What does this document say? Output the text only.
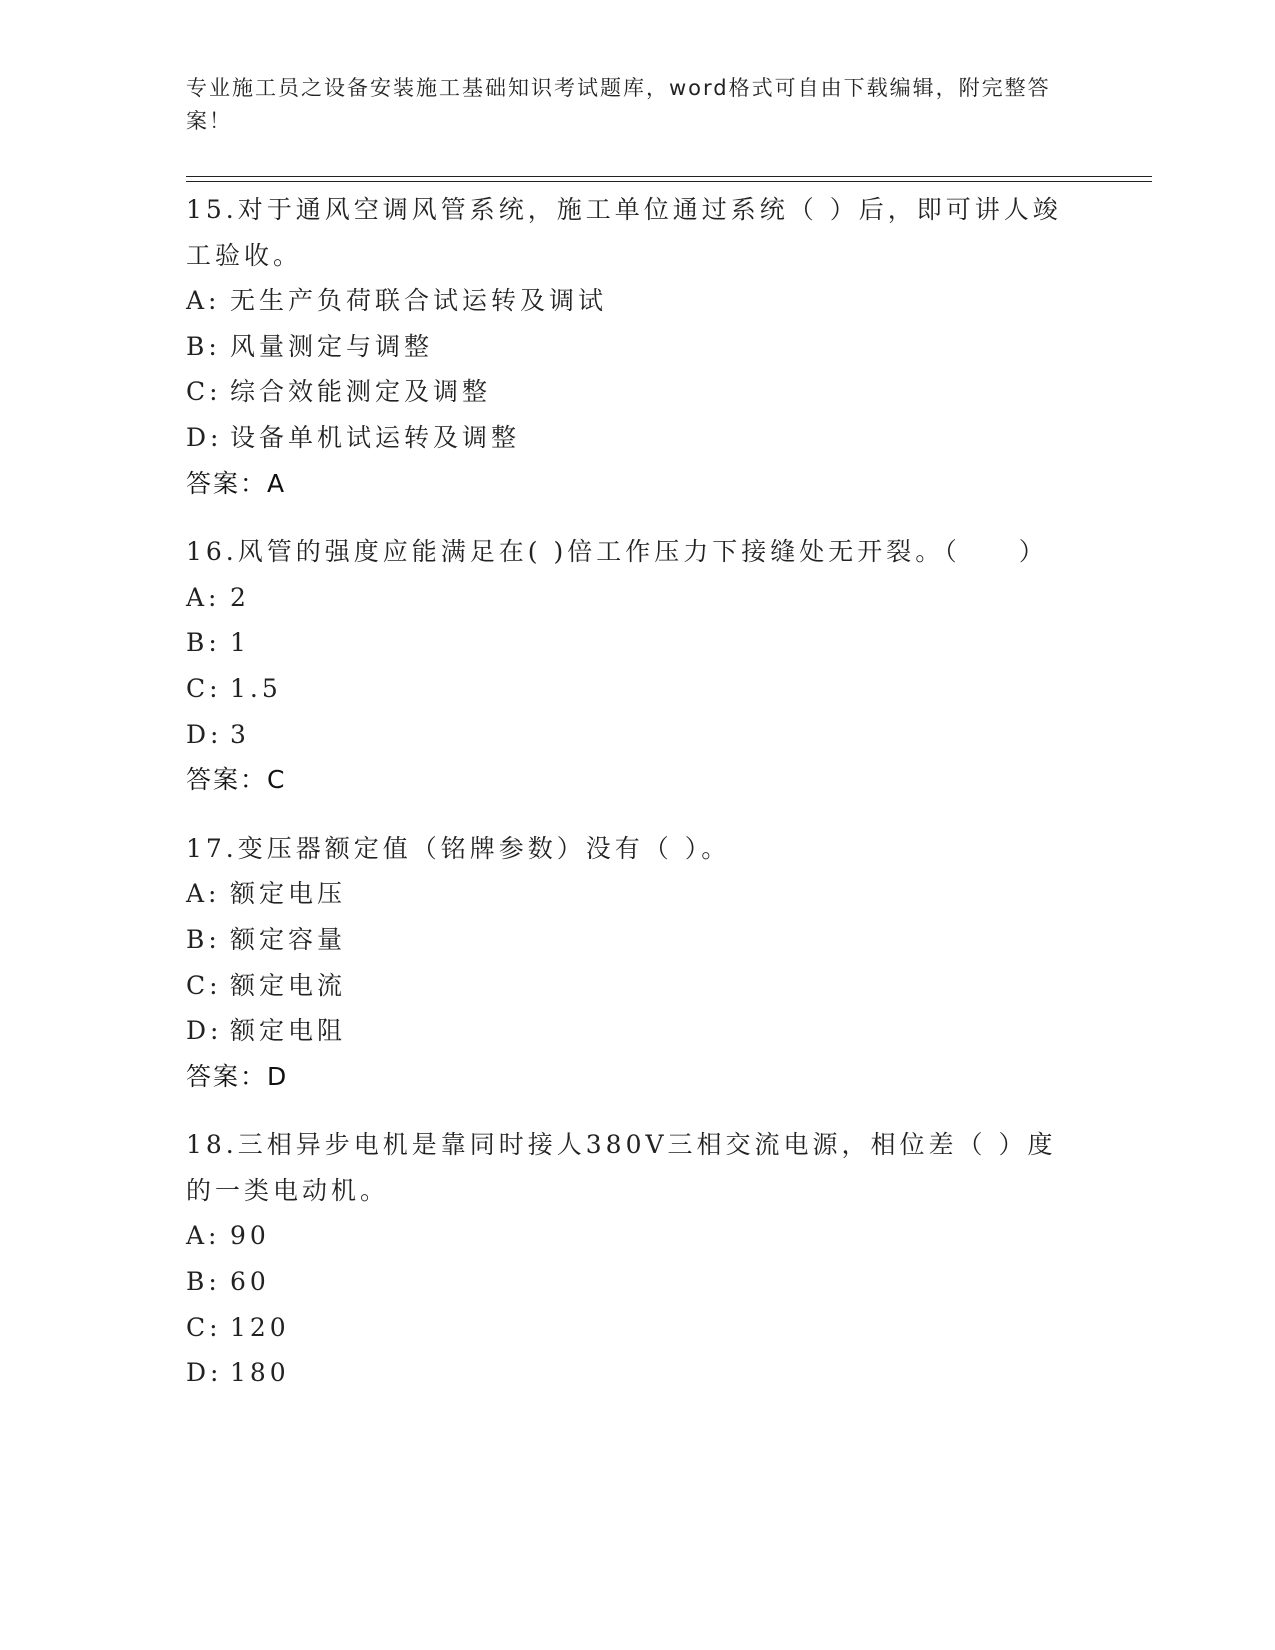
专业施工员之设备安装施工基础知识考试题库，word格式可自由下载编辑，附完整答案！

15.对于通风空调风管系统，施工单位通过系统（ ）后，即可讲人竣工验收。

A: 无生产负荷联合试运转及调试

B: 风量测定与调整

C: 综合效能测定及调整

D: 设备单机试运转及调整

答案：A

16.风管的强度应能满足在( )倍工作压力下接缝处无开裂。（　　）

A: 2

B: 1

C: 1.5

D: 3

答案：C

17.变压器额定值（铭牌参数）没有（ ）。

A: 额定电压

B: 额定容量

C: 额定电流

D: 额定电阻

答案：D

18.三相异步电机是靠同时接人380V三相交流电源，相位差（ ）度的一类电动机。

A: 90

B: 60

C: 120

D: 180
